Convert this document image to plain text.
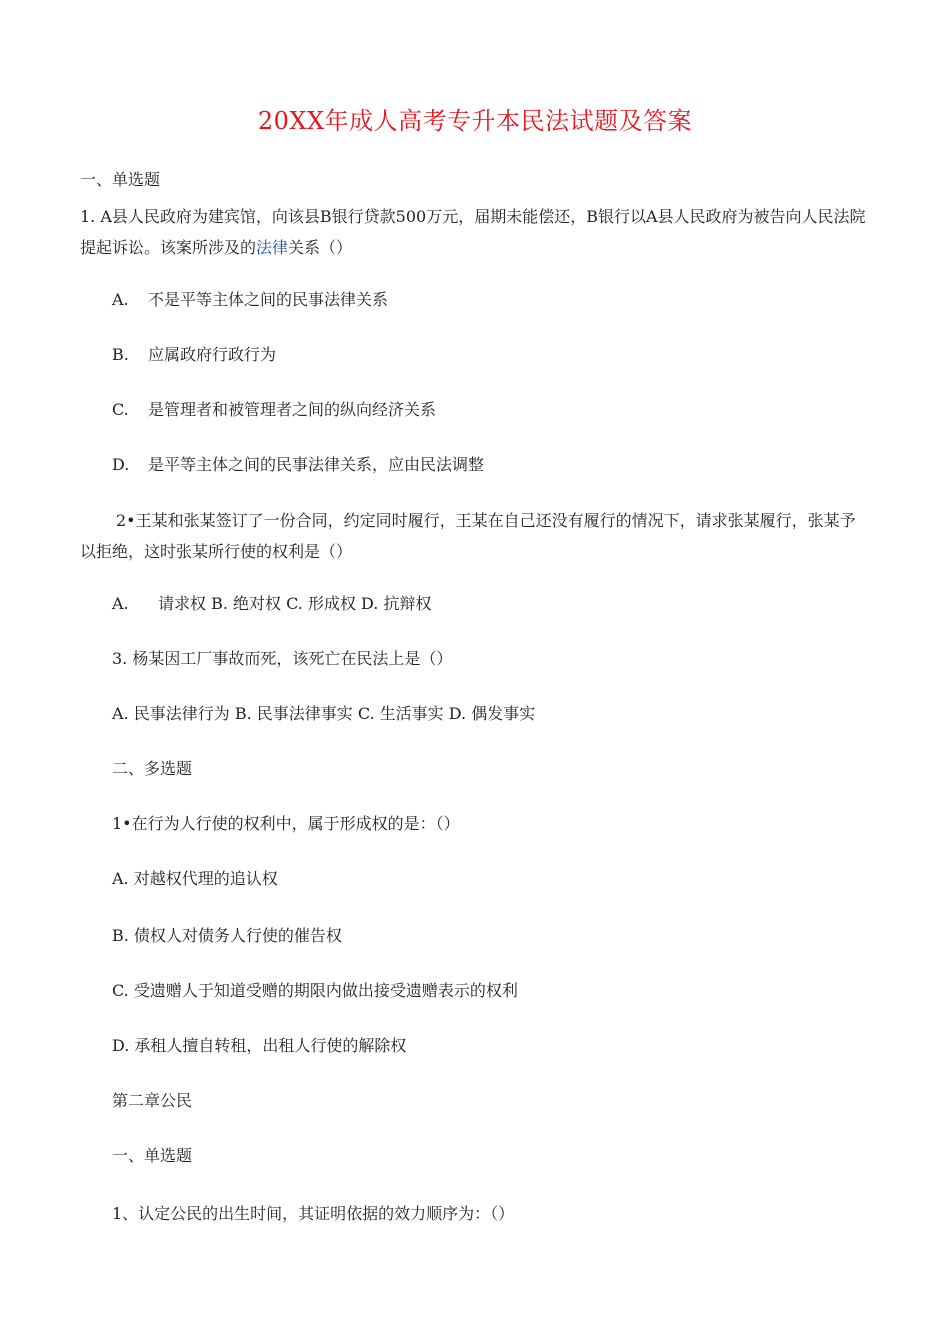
20XX年成人高考专升本民法试题及答案
一、单选题
1. A县人民政府为建宾馆，向该县B银行贷款500万元，届期未能偿还，B银行以A县人民政府为被告向人民法院提起诉讼。该案所涉及的法律关系（）
A. 不是平等主体之间的民事法律关系
B. 应属政府行政行为
C. 是管理者和被管理者之间的纵向经济关系
D. 是平等主体之间的民事法律关系，应由民法调整
2•王某和张某签订了一份合同，约定同时履行，王某在自己还没有履行的情况下，请求张某履行，张某予以拒绝，这时张某所行使的权利是（）
A. 请求权 B. 绝对权 C. 形成权 D. 抗辩权
3. 杨某因工厂事故而死，该死亡在民法上是（）
A. 民事法律行为 B. 民事法律事实 C. 生活事实 D. 偶发事实
二、多选题
1•在行为人行使的权利中，属于形成权的是：（）
A. 对越权代理的追认权
B. 债权人对债务人行使的催告权
C. 受遗赠人于知道受赠的期限内做出接受遗赠表示的权利
D. 承租人擅自转租，出租人行使的解除权
第二章公民
一、单选题
1、认定公民的出生时间，其证明依据的效力顺序为：（）
